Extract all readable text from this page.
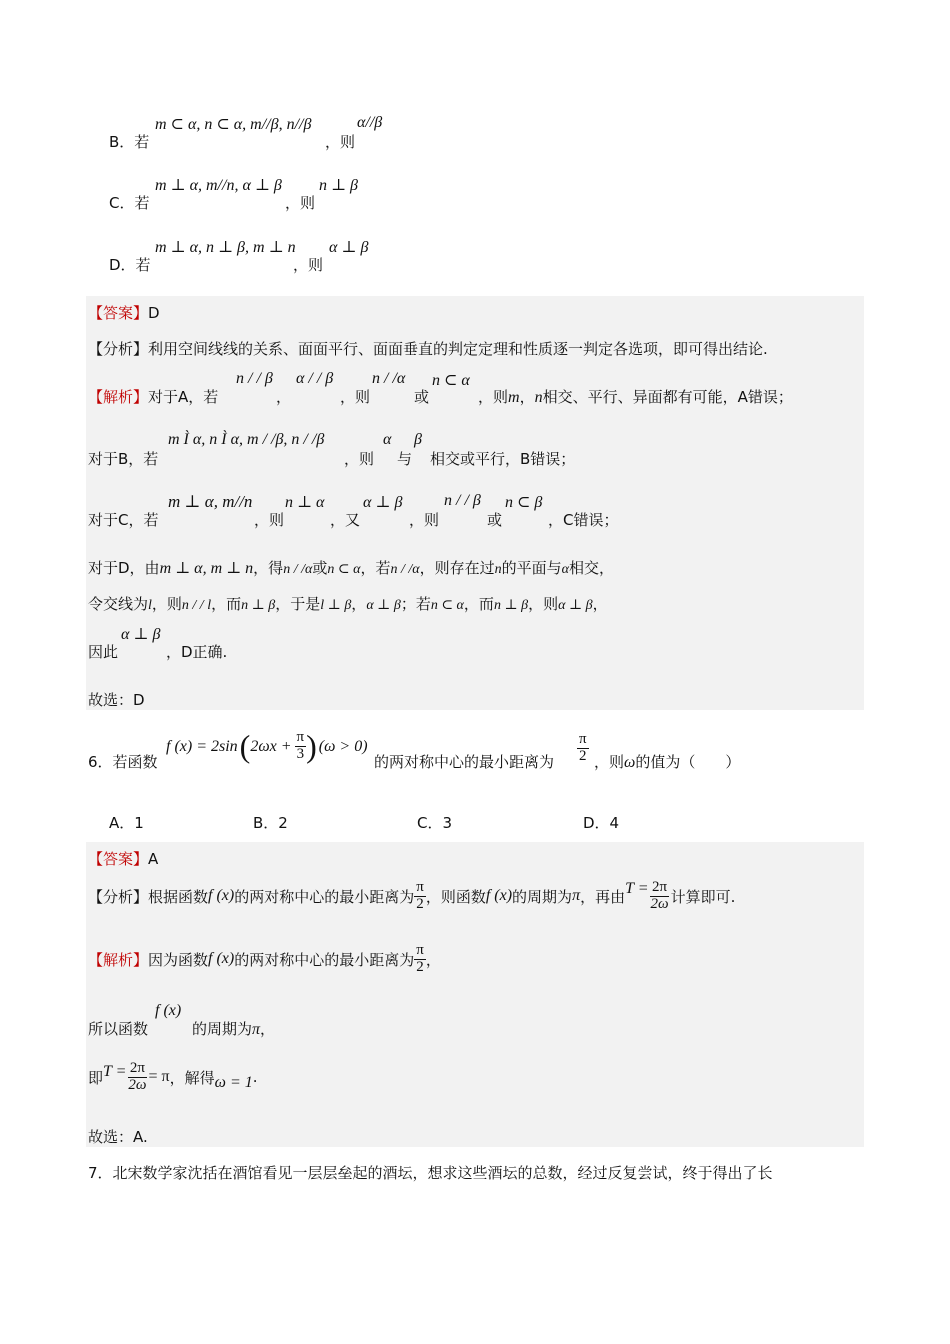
B．若
m ⊂ α, n ⊂ α, m//β, n//β
，则
α//β
C．若
m ⊥ α, m//n, α ⊥ β
，则
n ⊥ β
D．若
m ⊥ α, n ⊥ β, m ⊥ n
，则
α ⊥ β
【答案】D
【分析】利用空间线线的关系、面面平行、面面垂直的判定定理和性质逐一判定各选项，即可得出结论.
【解析】对于A，若
n / / β
，
α / / β
，则
n / /α
或
n ⊂ α
，则m，n相交、平行、异面都有可能，A错误；
对于B，若
m Ì α, n Ì α, m / /β, n / /β
，则
α
与
β
相交或平行，B错误；
对于C，若
m ⊥ α, m//n
，则
n ⊥ α
，又
α ⊥ β
，则
n / / β
或
n ⊂ β
，C错误；
对于D，由m ⊥ α, m ⊥ n，得n / /α或n ⊂ α，若n / /α，则存在过n的平面与α相交，
令交线为l，则n / / l，而n ⊥ β，于是l ⊥ β，α ⊥ β；若n ⊂ α，而n ⊥ β，则α ⊥ β，
因此
α ⊥ β
，D正确.
故选：D
6．若函数
f (x) = 2sin ( $2\omega x + \frac{\pi}{3}$ ) (ω > 0)
的两对称中心的最小距离为 $\frac{\pi}{2}$ ，则ω的值为（　　）
A．1	B．2	C．3	D．4
【答案】A
【分析】 根据函数 f (x) 的两对称中心的最小距离为 $\frac{\pi}{2}$ ，则函数 f (x) 的周期为 π ，再由 $T = \frac{2\pi}{2\omega}$ 计算即可.
【解析】 因为函数 f (x) 的两对称中心的最小距离为 $\frac{\pi}{2}$ ，
所以函数
f (x)
的周期为π，
即 $T = \frac{2\pi}{2\omega} = \pi$ ，解得 ω = 1 .
故选：A.
7．北宋数学家沈括在酒馆看见一层层垒起的酒坛，想求这些酒坛的总数，经过反复尝试，终于得出了长
